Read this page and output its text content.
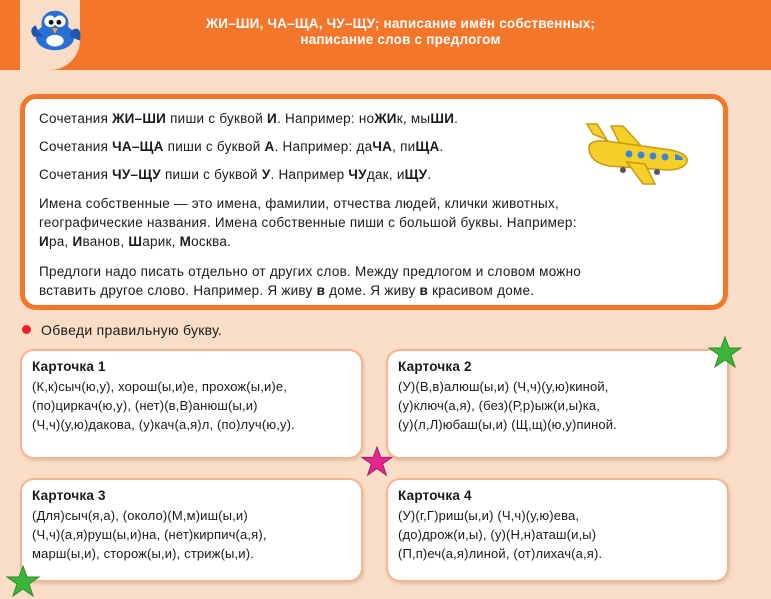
ЖИ–ШИ, ЧА–ЩА, ЧУ–ЩУ; написание имён собственных;
написание слов с предлогом
Сочетания ЖИ–ШИ пиши с буквой И. Например: ноЖИк, мыШИ.
Сочетания ЧА–ЩА пиши с буквой А. Например: даЧА, пиЩА.
Сочетания ЧУ–ЩУ пиши с буквой У. Например ЧУдак, иЩУ.
Имена собственные — это имена, фамилии, отчества людей, клички животных,
географические названия. Имена собственные пиши с большой буквы. Например:
Ира, Иванов, Шарик, Москва.
Предлоги надо писать отдельно от других слов. Между предлогом и словом можно
вставить другое слово. Например. Я живу в доме. Я живу в красивом доме.
Обведи правильную букву.
Карточка 1
(К,к)сыч(ю,у), хорош(ы,и)е, прохож(ы,и)е,
(по)циркач(ю,у), (нет)(в,В)анюш(ы,и)
(Ч,ч)(у,ю)дакова, (у)кач(а,я)л, (по)луч(ю,у).
Карточка 2
(У)(В,в)алюш(ы,и) (Ч,ч)(у,ю)киной,
(у)ключ(а,я), (без)(Р,р)ыж(и,ы)ка,
(у)(л,Л)юбаш(ы,и) (Щ,щ)(ю,у)пиной.
Карточка 3
(Для)сыч(я,а), (около)(М,м)иш(ы,и)
(Ч,ч)(а,я)руш(ы,и)на, (нет)кирпич(а,я),
марш(ы,и), сторож(ы,и), стриж(ы,и).
Карточка 4
(У)(г,Г)риш(ы,и) (Ч,ч)(у,ю)ева,
(до)дрож(и,ы), (у)(Н,н)аташ(и,ы)
(П,п)еч(а,я)линой, (от)лихач(а,я).
